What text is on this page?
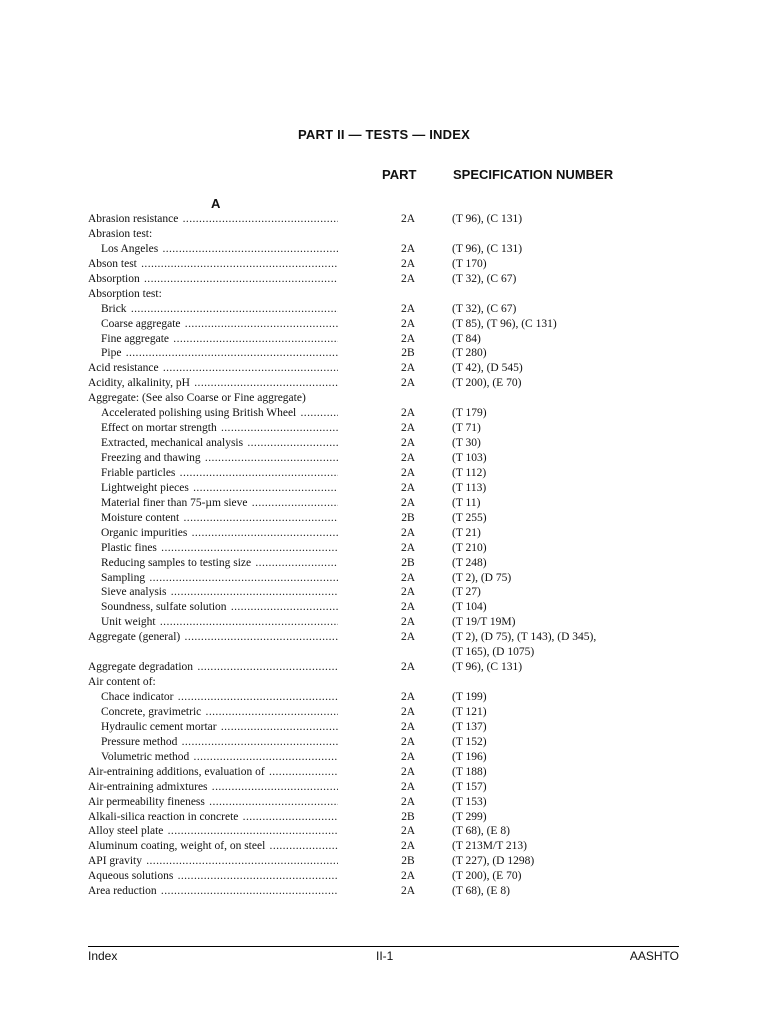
PART II — TESTS — INDEX
PART	SPECIFICATION NUMBER
A
Abrasion resistance .....	2A	(T 96), (C 131)
Abrasion test:
Los Angeles .....	2A	(T 96), (C 131)
Abson test .....	2A	(T 170)
Absorption .....	2A	(T 32), (C 67)
Absorption test:
Brick .....	2A	(T 32), (C 67)
Coarse aggregate .....	2A	(T 85), (T 96), (C 131)
Fine aggregate .....	2A	(T 84)
Pipe .....	2B	(T 280)
Acid resistance .....	2A	(T 42), (D 545)
Acidity, alkalinity, pH .....	2A	(T 200), (E 70)
Aggregate: (See also Coarse or Fine aggregate)
Accelerated polishing using British Wheel .....	2A	(T 179)
Effect on mortar strength .....	2A	(T 71)
Extracted, mechanical analysis .....	2A	(T 30)
Freezing and thawing .....	2A	(T 103)
Friable particles .....	2A	(T 112)
Lightweight pieces .....	2A	(T 113)
Material finer than 75-µm sieve .....	2A	(T 11)
Moisture content .....	2B	(T 255)
Organic impurities .....	2A	(T 21)
Plastic fines .....	2A	(T 210)
Reducing samples to testing size .....	2B	(T 248)
Sampling .....	2A	(T 2), (D 75)
Sieve analysis .....	2A	(T 27)
Soundness, sulfate solution .....	2A	(T 104)
Unit weight .....	2A	(T 19/T 19M)
Aggregate (general) .....	2A	(T 2), (D 75), (T 143), (D 345),
(T 165), (D 1075)
Aggregate degradation .....	2A	(T 96), (C 131)
Air content of:
Chace indicator .....	2A	(T 199)
Concrete, gravimetric .....	2A	(T 121)
Hydraulic cement mortar .....	2A	(T 137)
Pressure method .....	2A	(T 152)
Volumetric method .....	2A	(T 196)
Air-entraining additions, evaluation of .....	2A	(T 188)
Air-entraining admixtures .....	2A	(T 157)
Air permeability fineness .....	2A	(T 153)
Alkali-silica reaction in concrete .....	2B	(T 299)
Alloy steel plate .....	2A	(T 68), (E 8)
Aluminum coating, weight of, on steel .....	2A	(T 213M/T 213)
API gravity .....	2B	(T 227), (D 1298)
Aqueous solutions .....	2A	(T 200), (E 70)
Area reduction .....	2A	(T 68), (E 8)
Index	II-1	AASHTO
